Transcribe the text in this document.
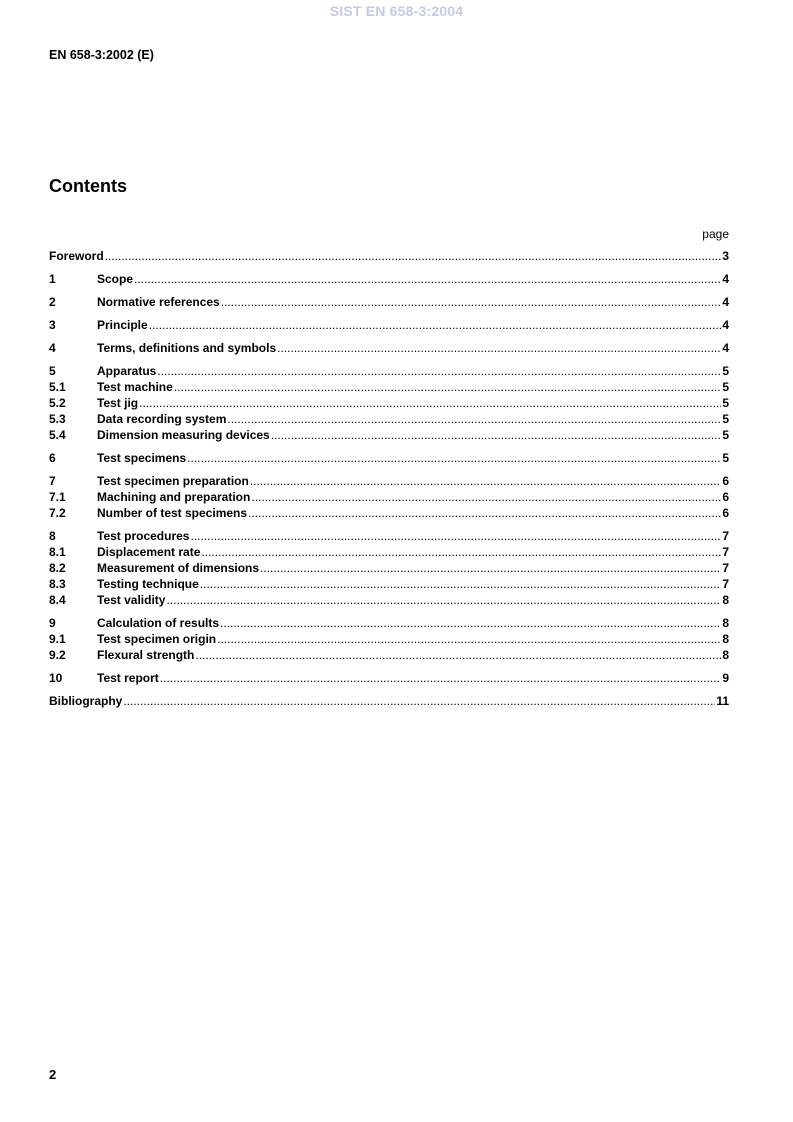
SIST EN 658-3:2004
EN 658-3:2002 (E)
Contents
page
Foreword .....	3
1	Scope .....	4
2	Normative references .....	4
3	Principle .....	4
4	Terms, definitions and symbols .....	4
5	Apparatus .....	5
5.1	Test machine .....	5
5.2	Test jig .....	5
5.3	Data recording system .....	5
5.4	Dimension measuring devices .....	5
6	Test specimens .....	5
7	Test specimen preparation .....	6
7.1	Machining and preparation .....	6
7.2	Number of test specimens .....	6
8	Test procedures .....	7
8.1	Displacement rate .....	7
8.2	Measurement of dimensions .....	7
8.3	Testing technique .....	7
8.4	Test validity .....	8
9	Calculation of results .....	8
9.1	Test specimen origin .....	8
9.2	Flexural strength .....	8
10	Test report .....	9
Bibliography .....	11
2
